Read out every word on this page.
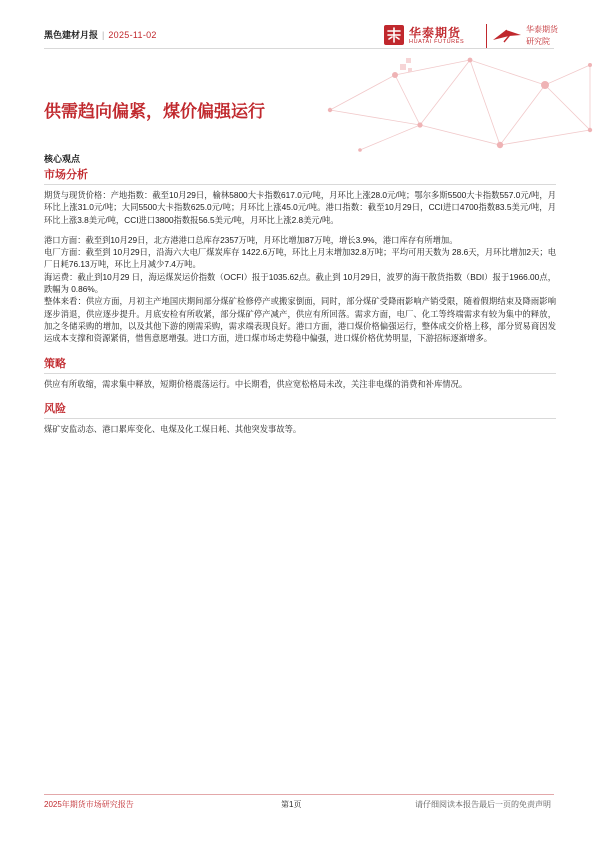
黑色建材月报 | 2025-11-02	华泰期货
HUATAI FUTURES
华泰期货
研究院
供需趋向偏紧，煤价偏强运行

核心观点

市场分析

期货与现货价格：产地指数：截至10月29日，榆林5800大卡指数617.0元/吨，月环比上涨28.0元/吨；鄂尔多斯5500大卡指数557.0元/吨，月环比上涨31.0元/吨；大同5500大卡指数625.0元/吨；月环比上涨45.0元/吨。港口指数：截至10月29日，CCI进口4700指数83.5美元/吨，月环比上涨3.8美元/吨，CCI进口3800指数报56.5美元/吨，月环比上涨2.8美元/吨。

港口方面：截至到10月29日，北方港港口总库存2357万吨，月环比增加87万吨，增长3.9%，港口库存有所增加。

电厂方面：截至到 10月29日，沿海六大电厂煤炭库存 1422.6万吨，环比上月末增加32.8万吨；平均可用天数为 28.6天，月环比增加2天；电厂日耗76.13万吨，环比上月减少7.4万吨。

海运费：截止到10月29 日，海运煤炭运价指数（OCFI）报于1035.62点。截止到 10月29日，波罗的海干散货指数（BDI）报于1966.00点，跌幅为 0.86%。

整体来看：供应方面，月初主产地国庆期间部分煤矿检修停产或搬家倒面，同时，部分煤矿受降雨影响产销受限，随着假期结束及降雨影响逐步消退，供应逐步提升。月底安检有所收紧，部分煤矿停产减产，供应有所回落。需求方面，电厂、化工等终端需求有较为集中的释放，加之冬储采购的增加，以及其他下游的刚需采购，需求端表现良好。港口方面，港口煤价格偏强运行，整体成交价格上移，部分贸易商因发运成本支撑和资源紧俏，惜售意愿增强。进口方面，进口煤市场走势稳中偏强，进口煤价格优势明显，下游招标逐渐增多。

策略

供应有所收缩，需求集中释放，短期价格震荡运行。中长期看，供应宽松格局未改，关注非电煤的消费和补库情况。

风险

煤矿安监动态、港口累库变化、电煤及化工煤日耗、其他突发事故等。

2025年期货市场研究报告	第1页	请仔细阅读本报告最后一页的免责声明
